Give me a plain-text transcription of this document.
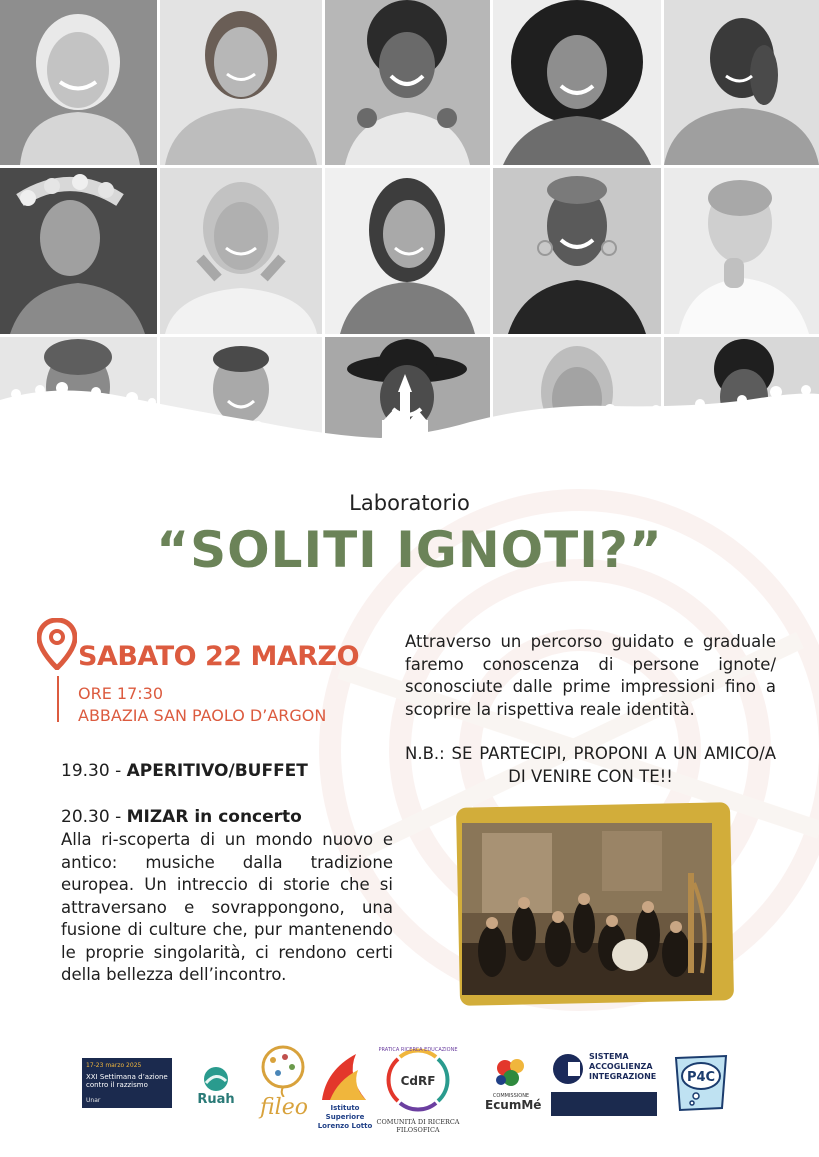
Laboratorio
“SOLITI IGNOTI?”
SABATO 22 MARZO
ORE 17:30
ABBAZIA SAN PAOLO D’ARGON
Attraverso un percorso guidato e graduale faremo conoscenza di persone ignote/ sconosciute dalle prime impressioni fino a scoprire la rispettiva reale identità.
N.B.: SE PARTECIPI, PROPONI A UN AMICO/A DI VENIRE CON TE!!
19.30 - APERITIVO/BUFFET
20.30 - MIZAR in concerto
Alla ri-scoperta di un mondo nuovo e antico: musiche dalla tradizione europea. Un intreccio di storie che si attraversano e sovrappongono, una fusione di culture che, pur mantenendo le proprie singolarità, ci rendono certi della bellezza dell’incontro.
17-23 marzo 2025
XXI Settimana d’azione contro il razzismo
Unar	Ruah fileo	Istituto Superiore Lorenzo Lotto
CdRF
PRATICA RICERCA EDUCAZIONE
COMUNITÀ DI RICERCA FILOSOFICA
COMMISSIONE
EcumMé
SISTEMA ACCOGLIENZA INTEGRAZIONE P4C
